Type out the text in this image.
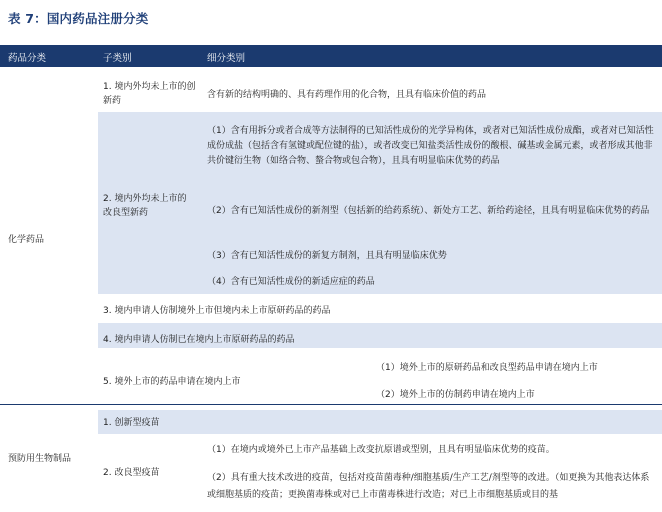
表 7：国内药品注册分类
药品分类	子类别	细分类别
化学药品
预防用生物制品
1. 境内外均未上市的创新药
含有新的结构明确的、具有药理作用的化合物，且具有临床价值的药品
2. 境内外均未上市的改良型新药
（1）含有用拆分或者合成等方法制得的已知活性成份的光学异构体，或者对已知活性成份成酯，或者对已知活性成份成盐（包括含有氢键或配位键的盐），或者改变已知盐类活性成份的酸根、碱基或金属元素，或者形成其他非共价键衍生物（如络合物、螯合物或包合物），且具有明显临床优势的药品
（2）含有已知活性成份的新剂型（包括新的给药系统）、新处方工艺、新给药途径，且具有明显临床优势的药品
（3）含有已知活性成份的新复方制剂，且具有明显临床优势
（4）含有已知活性成份的新适应症的药品
3. 境内申请人仿制境外上市但境内未上市原研药品的药品
4. 境内申请人仿制已在境内上市原研药品的药品
5. 境外上市的药品申请在境内上市
（1）境外上市的原研药品和改良型药品申请在境内上市
（2）境外上市的仿制药申请在境内上市
1. 创新型疫苗
2. 改良型疫苗
（1）在境内或境外已上市产品基础上改变抗原谱或型别，且具有明显临床优势的疫苗。
（2）具有重大技术改进的疫苗，包括对疫苗菌毒种/细胞基质/生产工艺/剂型等的改进。（如更换为其他表达体系或细胞基质的疫苗；更换菌毒株或对已上市菌毒株进行改造；对已上市细胞基质或目的基
